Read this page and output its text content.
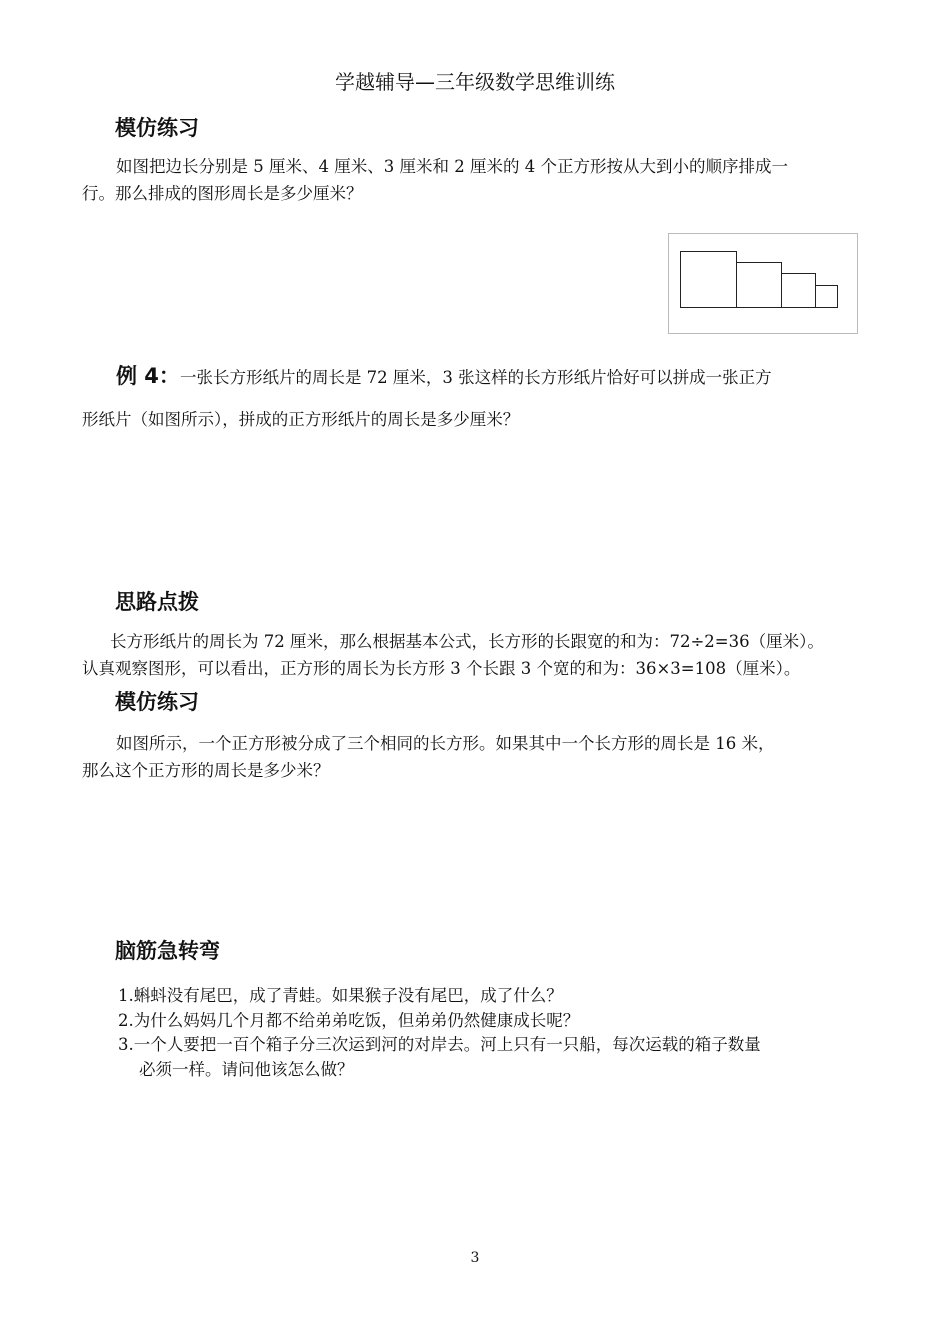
学越辅导—三年级数学思维训练
模仿练习
如图把边长分别是 5 厘米、4 厘米、3 厘米和 2 厘米的 4 个正方形按从大到小的顺序排成一
行。那么排成的图形周长是多少厘米？
例 4：一张长方形纸片的周长是 72 厘米，3 张这样的长方形纸片恰好可以拼成一张正方
形纸片（如图所示），拼成的正方形纸片的周长是多少厘米？
思路点拨
长方形纸片的周长为 72 厘米，那么根据基本公式，长方形的长跟宽的和为：72÷2=36（厘米）。
认真观察图形，可以看出，正方形的周长为长方形 3 个长跟 3 个宽的和为：36×3=108（厘米）。
模仿练习
如图所示，一个正方形被分成了三个相同的长方形。如果其中一个长方形的周长是 16 米，
那么这个正方形的周长是多少米？
脑筋急转弯
1.蝌蚪没有尾巴，成了青蛙。如果猴子没有尾巴，成了什么？
2.为什么妈妈几个月都不给弟弟吃饭，但弟弟仍然健康成长呢？
3.一个人要把一百个箱子分三次运到河的对岸去。河上只有一只船，每次运载的箱子数量
必须一样。请问他该怎么做？
3
